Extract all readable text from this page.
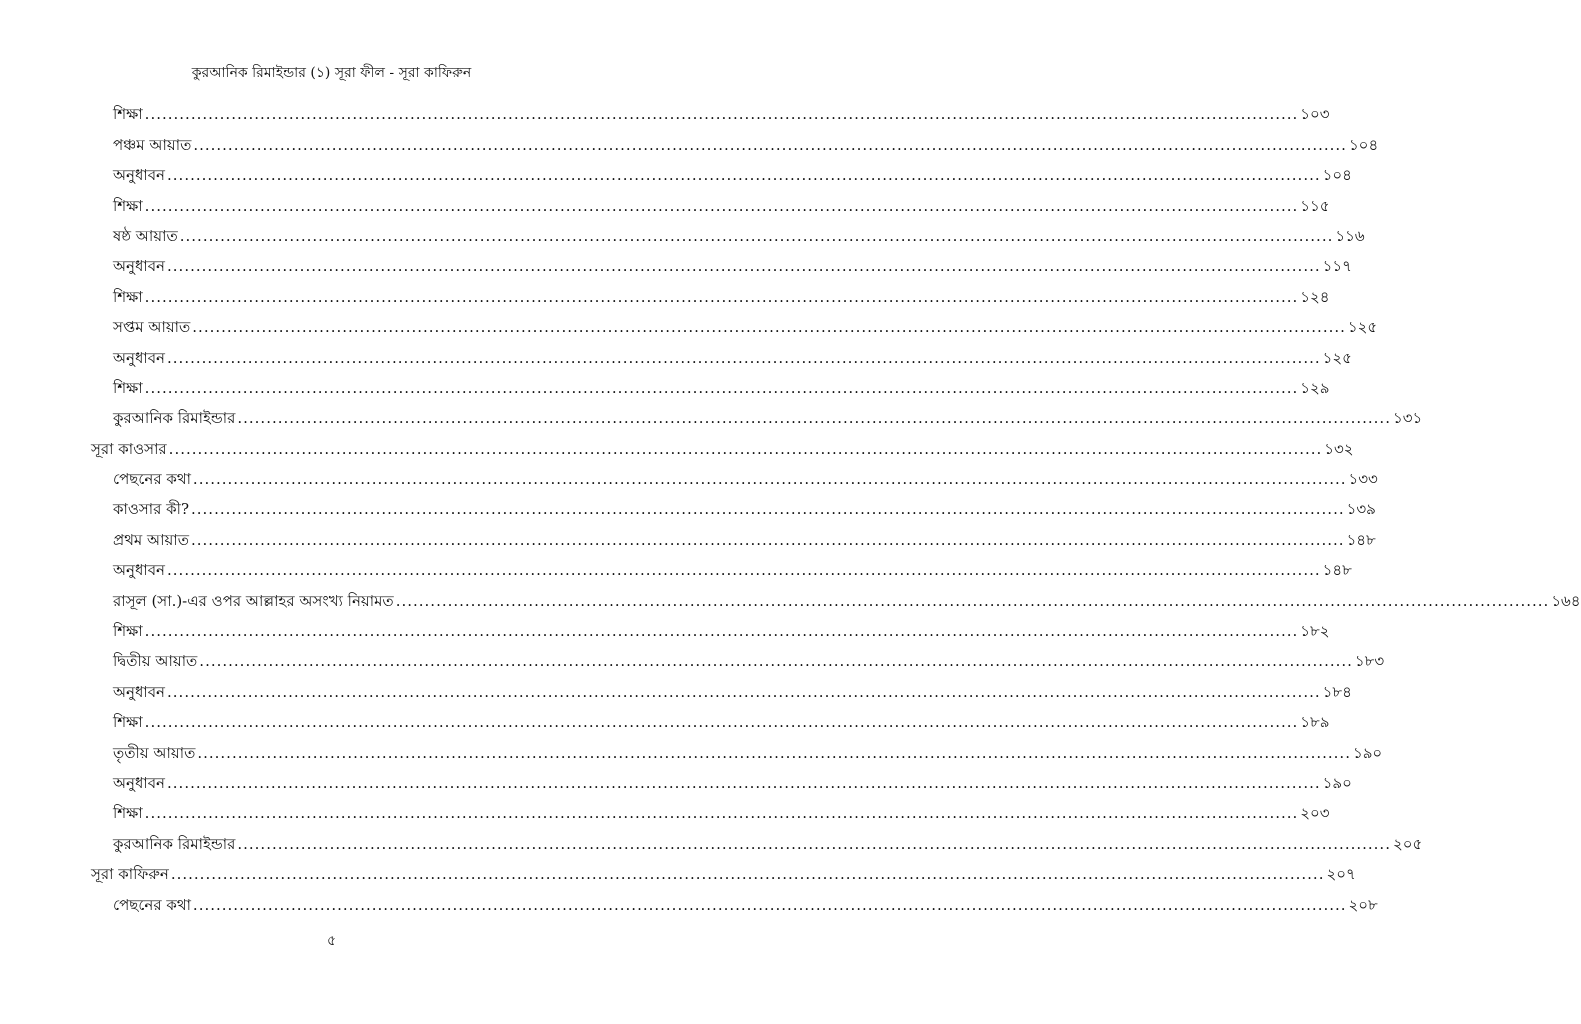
কুরআনিক রিমাইন্ডার (১) সূরা ফীল - সূরা কাফিরুন
শিক্ষা ........................................................................................................................................................................................................ ১০৩
পঞ্চম আয়াত ........................................................................................................................................................................................................ ১০৪
অনুধাবন ........................................................................................................................................................................................................ ১০৪
শিক্ষা ........................................................................................................................................................................................................ ১১৫
ষষ্ঠ আয়াত ........................................................................................................................................................................................................ ১১৬
অনুধাবন ........................................................................................................................................................................................................ ১১৭
শিক্ষা ........................................................................................................................................................................................................ ১২৪
সপ্তম আয়াত ........................................................................................................................................................................................................ ১২৫
অনুধাবন ........................................................................................................................................................................................................ ১২৫
শিক্ষা ........................................................................................................................................................................................................ ১২৯
কুরআনিক রিমাইন্ডার ........................................................................................................................................................................................................ ১৩১
সূরা কাওসার ........................................................................................................................................................................................................ ১৩২
পেছনের কথা ........................................................................................................................................................................................................ ১৩৩
কাওসার কী? ........................................................................................................................................................................................................ ১৩৯
প্রথম আয়াত ........................................................................................................................................................................................................ ১৪৮
অনুধাবন ........................................................................................................................................................................................................ ১৪৮
রাসূল (সা.)-এর ওপর আল্লাহর অসংখ্য নিয়ামত ........................................................................................................................................................................................................ ১৬৪
শিক্ষা ........................................................................................................................................................................................................ ১৮২
দ্বিতীয় আয়াত ........................................................................................................................................................................................................ ১৮৩
অনুধাবন ........................................................................................................................................................................................................ ১৮৪
শিক্ষা ........................................................................................................................................................................................................ ১৮৯
তৃতীয় আয়াত ........................................................................................................................................................................................................ ১৯০
অনুধাবন ........................................................................................................................................................................................................ ১৯০
শিক্ষা ........................................................................................................................................................................................................ ২০৩
কুরআনিক রিমাইন্ডার ........................................................................................................................................................................................................ ২০৫
সূরা কাফিরুন ........................................................................................................................................................................................................ ২০৭
পেছনের কথা ........................................................................................................................................................................................................ ২০৮
৫
